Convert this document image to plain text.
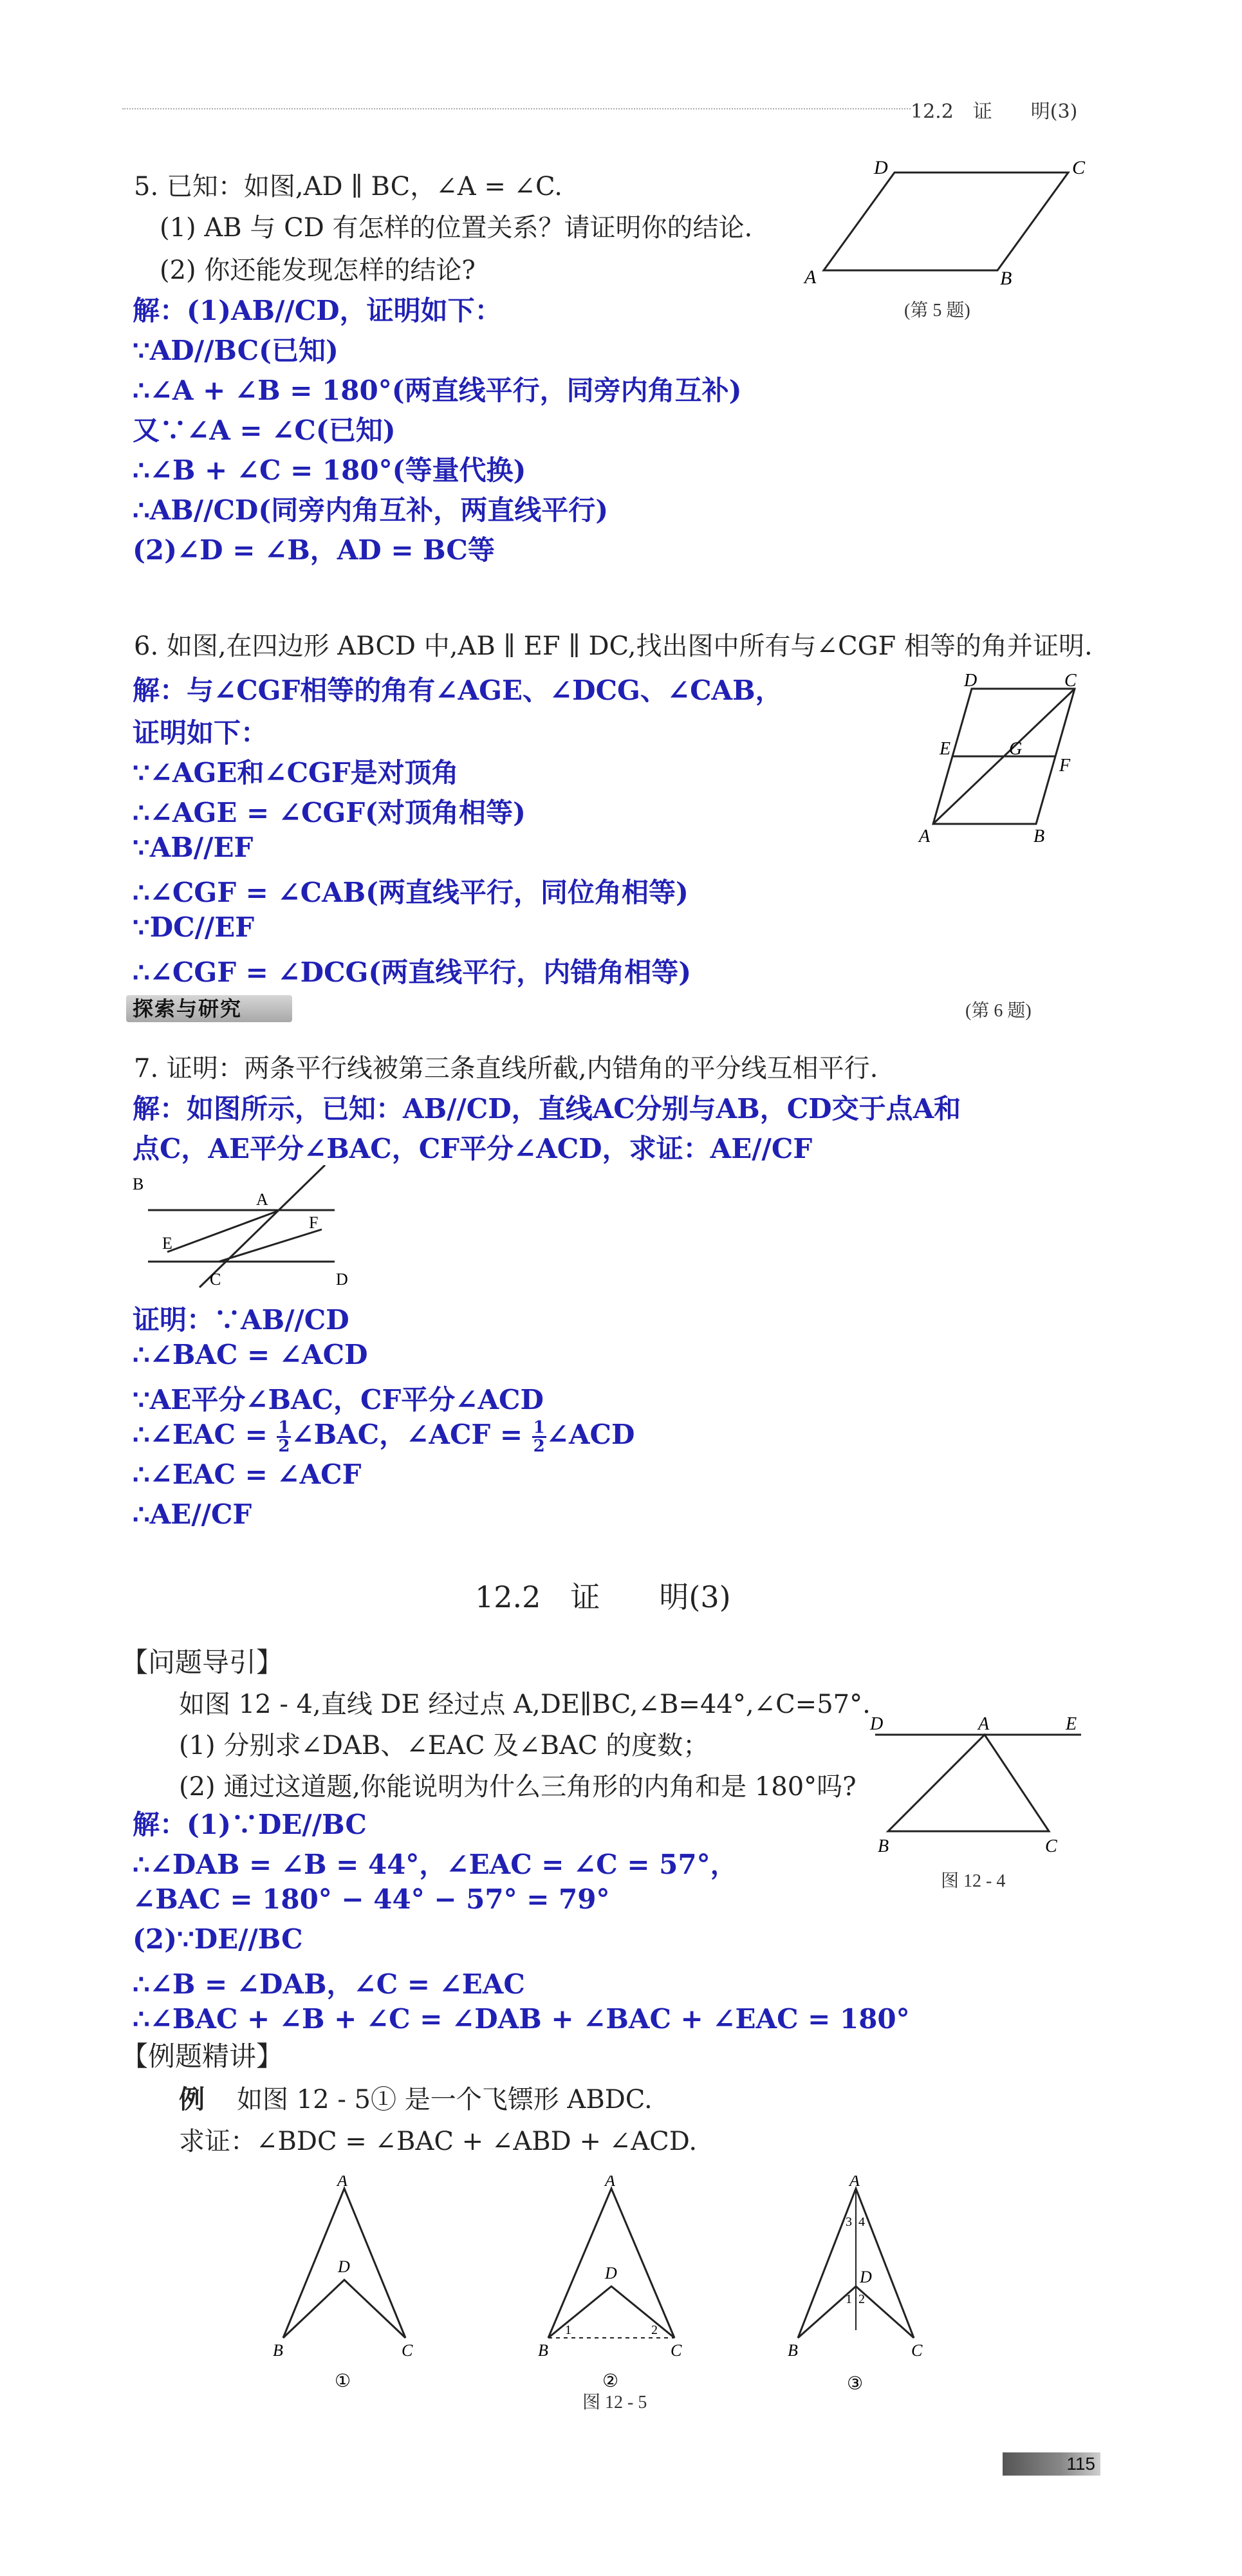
12.2　证　　明(3)
5. 已知：如图,AD ∥ BC，∠A = ∠C.
(1) AB 与 CD 有怎样的位置关系？请证明你的结论.
(2) 你还能发现怎样的结论?
解：(1)AB//CD，证明如下：
∵AD//BC(已知)
∴∠A + ∠B = 180°(两直线平行，同旁内角互补)
又∵∠A = ∠C(已知)
∴∠B + ∠C = 180°(等量代换)
∴AB//CD(同旁内角互补，两直线平行)
(2)∠D = ∠B，AD = BC等
D	C
A	B
(第 5 题)
6. 如图,在四边形 ABCD 中,AB ∥ EF ∥ DC,找出图中所有与∠CGF 相等的角并证明.
解：与∠CGF相等的角有∠AGE、∠DCG、∠CAB，
证明如下：
∵∠AGE和∠CGF是对顶角
∴∠AGE = ∠CGF(对顶角相等)
∵AB//EF
∴∠CGF = ∠CAB(两直线平行，同位角相等)
∵DC//EF
∴∠CGF = ∠DCG(两直线平行，内错角相等)
D	C
E	G
F
A	B
(第 6 题)
探索与研究
7. 证明：两条平行线被第三条直线所截,内错角的平分线互相平行.
解：如图所示，已知：AB//CD，直线AC分别与AB，CD交于点A和
点C，AE平分∠BAC，CF平分∠ACD，求证：AE//CF
B
A
E
F
C	D
证明：∵AB//CD
∴∠BAC = ∠ACD
∵AE平分∠BAC，CF平分∠ACD
∴∠EAC = $\frac{1}{2}$ ∠BAC，∠ACF = $\frac{1}{2}$ ∠ACD
∴∠EAC = ∠ACF
∴AE//CF
12.2　证　　明(3)
【问题导引】
如图 12 - 4,直线 DE 经过点 A,DE∥BC,∠B=44°,∠C=57°.
(1) 分别求∠DAB、∠EAC 及∠BAC 的度数；
(2) 通过这道题,你能说明为什么三角形的内角和是 180°吗?
解：(1)∵DE//BC
∴∠DAB = ∠B = 44°，∠EAC = ∠C = 57°，
∠BAC = 180° − 44° − 57° = 79°
(2)∵DE//BC
∴∠B = ∠DAB，∠C = ∠EAC
∴∠BAC + ∠B + ∠C = ∠DAB + ∠BAC + ∠EAC = 180°
D	A	E
B	C
图 12 - 4
【例题精讲】
例 如图 12 - 5① 是一个飞镖形 ABDC.
求证：∠BDC = ∠BAC + ∠ABD + ∠ACD.
A
D
B	C
①
A
D
B	C
1	2
②
A
D
B	C
3 4
1 2
③
图 12 - 5
115
